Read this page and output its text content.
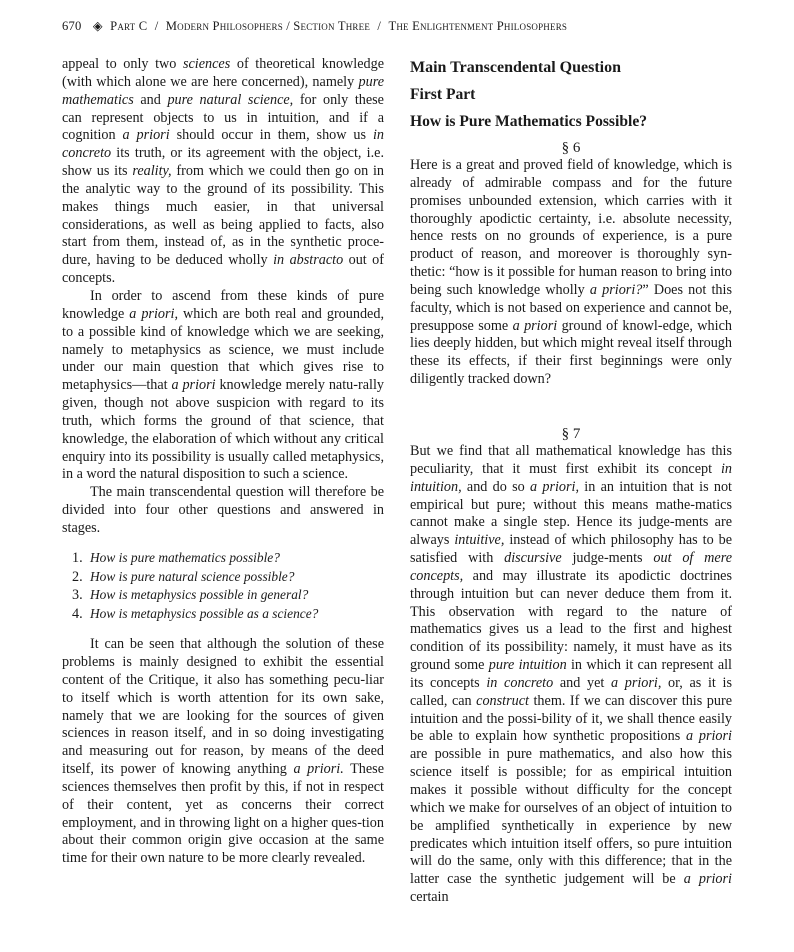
670 ◈ Part C / Modern Philosophers / Section Three / The Enlightenment Philosophers

appeal to only two sciences of theoretical knowledge (with which alone we are here concerned), namely pure mathematics and pure natural science, for only these can represent objects to us in intuition, and if a cognition a priori should occur in them, show us in concreto its truth, or its agreement with the object, i.e. show us its reality, from which we could then go on in the analytic way to the ground of its possibility. This makes things much easier, in that universal considerations, as well as being applied to facts, also start from them, instead of, as in the synthetic proce-dure, having to be deduced wholly in abstracto out of concepts.

In order to ascend from these kinds of pure knowledge a priori, which are both real and grounded, to a possible kind of knowledge which we are seeking, namely to metaphysics as science, we must include under our main question that which gives rise to metaphysics—that a priori knowledge merely natu-rally given, though not above suspicion with regard to its truth, which forms the ground of that science, that knowledge, the elaboration of which without any critical enquiry into its possibility is usually called metaphysics, in a word the natural disposition to such a science.

The main transcendental question will therefore be divided into four other questions and answered in stages.

1. How is pure mathematics possible?
2. How is pure natural science possible?
3. How is metaphysics possible in general?
4. How is metaphysics possible as a science?

It can be seen that although the solution of these problems is mainly designed to exhibit the essential content of the Critique, it also has something pecu-liar to itself which is worth attention for its own sake, namely that we are looking for the sources of given sciences in reason itself, and in so doing investigating and measuring out for reason, by means of the deed itself, its power of knowing anything a priori. These sciences themselves then profit by this, if not in respect of their content, yet as concerns their correct employment, and in throwing light on a higher ques-tion about their common origin give occasion at the same time for their own nature to be more clearly revealed.

Main Transcendental Question
First Part
How is Pure Mathematics Possible?

§ 6

Here is a great and proved field of knowledge, which is already of admirable compass and for the future promises unbounded extension, which carries with it thoroughly apodictic certainty, i.e. absolute necessity, hence rests on no grounds of experience, is a pure product of reason, and moreover is thoroughly syn-thetic: “how is it possible for human reason to bring into being such knowledge wholly a priori?” Does not this faculty, which is not based on experience and cannot be, presuppose some a priori ground of knowl-edge, which lies deeply hidden, but which might reveal itself through these its effects, if their first beginnings were only diligently tracked down?

§ 7

But we find that all mathematical knowledge has this peculiarity, that it must first exhibit its concept in intuition, and do so a priori, in an intuition that is not empirical but pure; without this means mathe-matics cannot make a single step. Hence its judge-ments are always intuitive, instead of which philosophy has to be satisfied with discursive judge-ments out of mere concepts, and may illustrate its apodictic doctrines through intuition but can never deduce them from it. This observation with regard to the nature of mathematics gives us a lead to the first and highest condition of its possibility: namely, it must have as its ground some pure intuition in which it can represent all its concepts in concreto and yet a priori, or, as it is called, can construct them. If we can discover this pure intuition and the possi-bility of it, we shall thence easily be able to explain how synthetic propositions a priori are possible in pure mathematics, and also how this science itself is possible; for as empirical intuition makes it possible without difficulty for the concept which we make for ourselves of an object of intuition to be amplified synthetically in experience by new predicates which intuition itself offers, so pure intuition will do the same, only with this difference; that in the latter case the synthetic judgement will be a priori certain
